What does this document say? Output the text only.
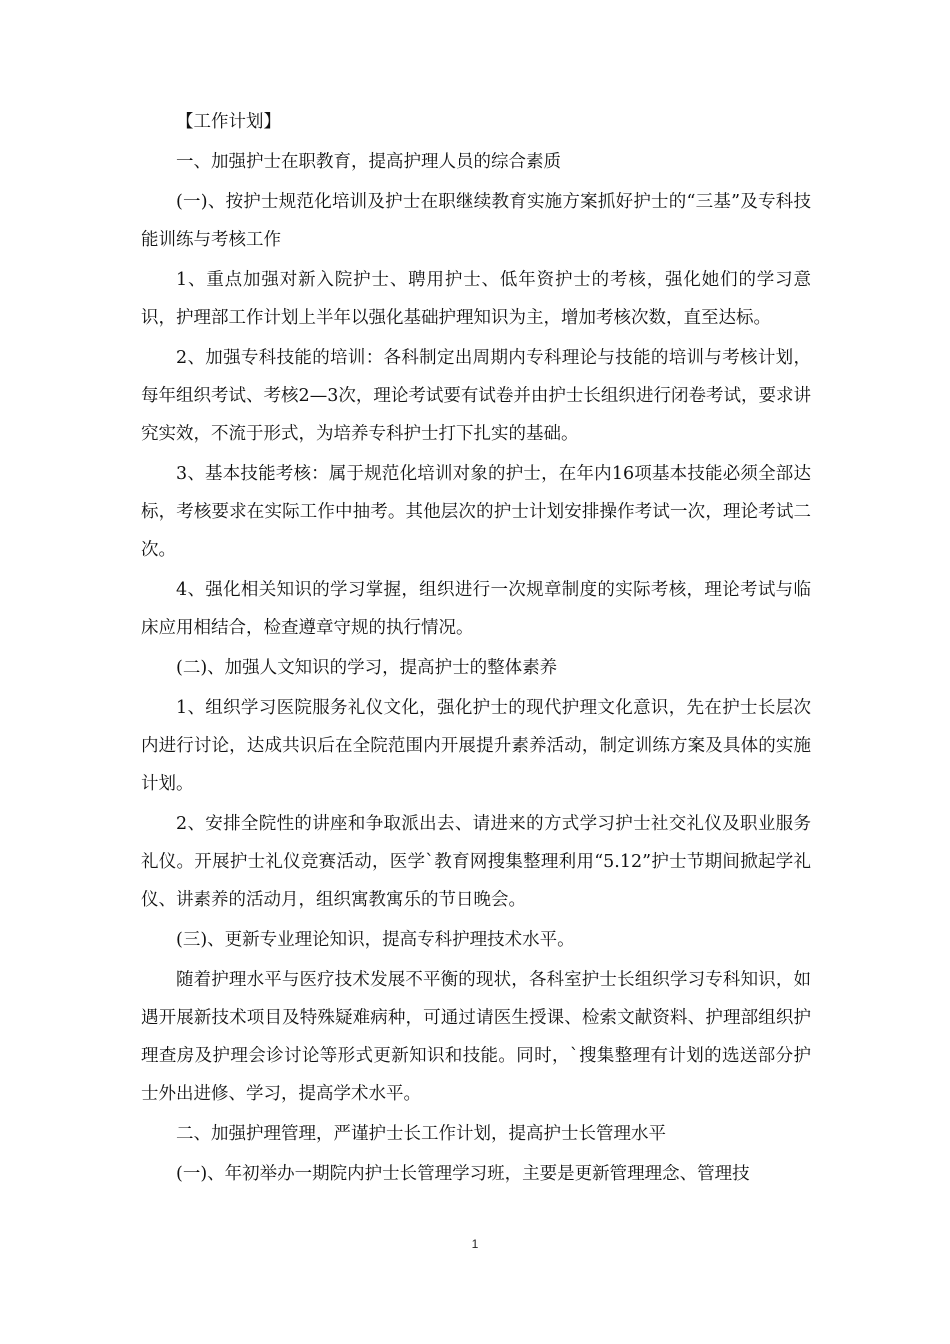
【工作计划】

一、加强护士在职教育，提高护理人员的综合素质

(一)、按护士规范化培训及护士在职继续教育实施方案抓好护士的“三基”及专科技能训练与考核工作

1、重点加强对新入院护士、聘用护士、低年资护士的考核，强化她们的学习意识，护理部工作计划上半年以强化基础护理知识为主，增加考核次数，直至达标。

2、加强专科技能的培训：各科制定出周期内专科理论与技能的培训与考核计划，每年组织考试、考核2—3次，理论考试要有试卷并由护士长组织进行闭卷考试，要求讲究实效，不流于形式，为培养专科护士打下扎实的基础。

3、基本技能考核：属于规范化培训对象的护士，在年内16项基本技能必须全部达标，考核要求在实际工作中抽考。其他层次的护士计划安排操作考试一次，理论考试二次。

4、强化相关知识的学习掌握，组织进行一次规章制度的实际考核，理论考试与临床应用相结合，检查遵章守规的执行情况。

(二)、加强人文知识的学习，提高护士的整体素养

1、组织学习医院服务礼仪文化，强化护士的现代护理文化意识，先在护士长层次内进行讨论，达成共识后在全院范围内开展提升素养活动，制定训练方案及具体的实施计划。

2、安排全院性的讲座和争取派出去、请进来的方式学习护士社交礼仪及职业服务礼仪。开展护士礼仪竞赛活动，医学`教育网搜集整理利用“5.12”护士节期间掀起学礼仪、讲素养的活动月，组织寓教寓乐的节日晚会。

(三)、更新专业理论知识，提高专科护理技术水平。

随着护理水平与医疗技术发展不平衡的现状，各科室护士长组织学习专科知识，如遇开展新技术项目及特殊疑难病种，可通过请医生授课、检索文献资料、护理部组织护理查房及护理会诊讨论等形式更新知识和技能。同时，`搜集整理有计划的选送部分护士外出进修、学习，提高学术水平。

二、加强护理管理，严谨护士长工作计划，提高护士长管理水平

(一)、年初举办一期院内护士长管理学习班，主要是更新管理理念、管理技

1
